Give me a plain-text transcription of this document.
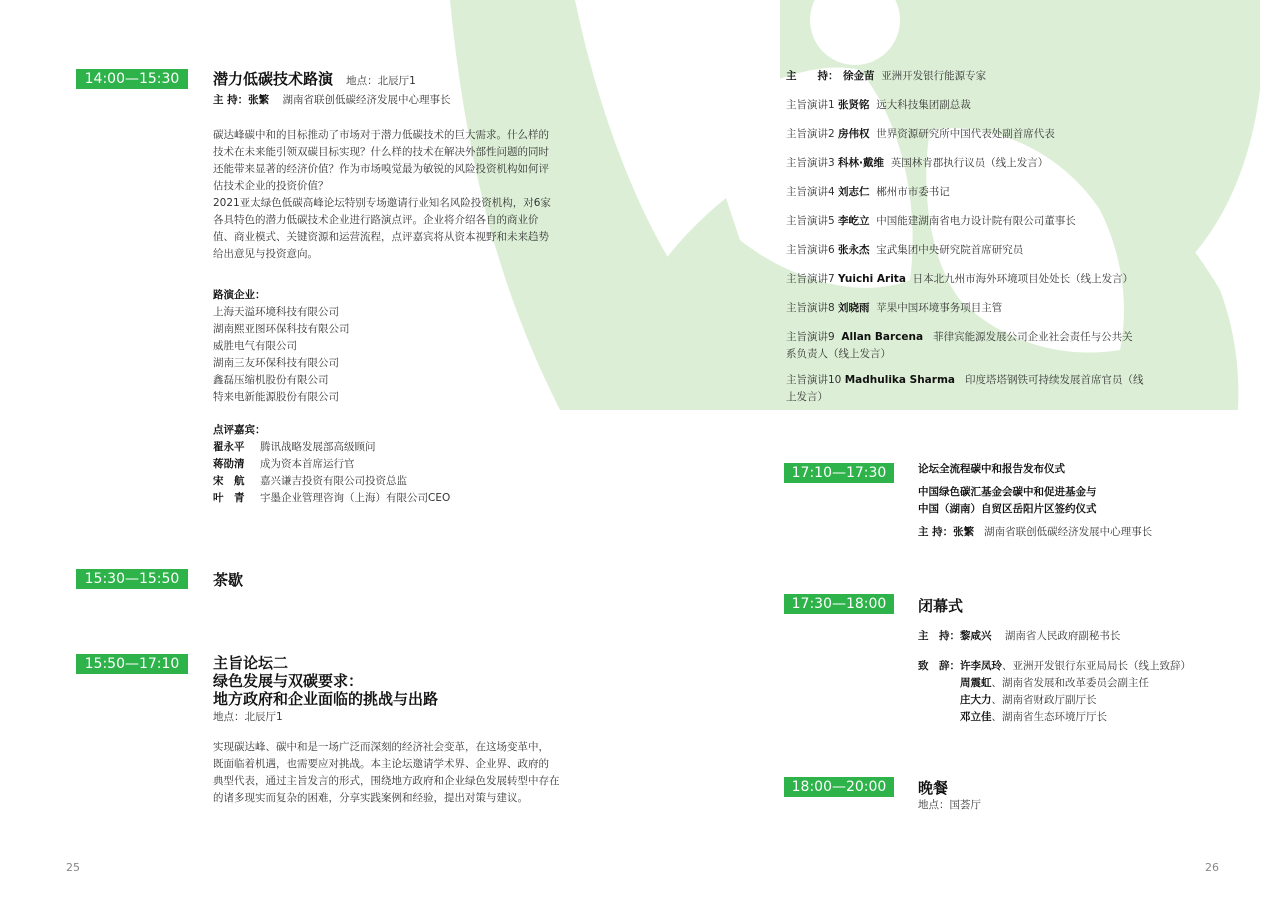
14:00—15:30	潜力低碳技术路演 地点：北辰厅1
主 持：张繁 湖南省联创低碳经济发展中心理事长
碳达峰碳中和的目标推动了市场对于潜力低碳技术的巨大需求。什么样的
技术在未来能引领双碳目标实现？什么样的技术在解决外部性问题的同时
还能带来显著的经济价值？作为市场嗅觉最为敏锐的风险投资机构如何评
估技术企业的投资价值？
2021亚太绿色低碳高峰论坛特别专场邀请行业知名风险投资机构，对6家
各具特色的潜力低碳技术企业进行路演点评。企业将介绍各自的商业价
值、商业模式、关键资源和运营流程，点评嘉宾将从资本视野和未来趋势
给出意见与投资意向。
路演企业：
上海天溢环境科技有限公司
湖南熙亚图环保科技有限公司
威胜电气有限公司
湖南三友环保科技有限公司
鑫磊压缩机股份有限公司
特来电新能源股份有限公司
点评嘉宾：
翟永平 腾讯战略发展部高级顾问
蒋劭清 成为资本首席运行官
宋　航 嘉兴谦吉投资有限公司投资总监
叶　青 宇墨企业管理咨询（上海）有限公司CEO
15:30—15:50	茶歇
15:50—17:10	主旨论坛二
绿色发展与双碳要求：
地方政府和企业面临的挑战与出路
地点：北辰厅1
实现碳达峰、碳中和是一场广泛而深刻的经济社会变革，在这场变革中，
既面临着机遇，也需要应对挑战。本主论坛邀请学术界、企业界、政府的
典型代表，通过主旨发言的形式，围绕地方政府和企业绿色发展转型中存在
的诸多现实而复杂的困难，分享实践案例和经验，提出对策与建议。
25
主　　持： 徐金苗 亚洲开发银行能源专家
主旨演讲1 张贤铭 远大科技集团副总裁
主旨演讲2 房伟权 世界资源研究所中国代表处副首席代表
主旨演讲3 科林·戴维 英国林肯郡执行议员（线上发言）
主旨演讲4 刘志仁 郴州市市委书记
主旨演讲5 李屹立 中国能建湖南省电力设计院有限公司董事长
主旨演讲6 张永杰 宝武集团中央研究院首席研究员
主旨演讲7 Yuichi Arita 日本北九州市海外环境项目处处长（线上发言）
主旨演讲8 刘晓雨 苹果中国环境事务项目主管
主旨演讲9 Allan Barcena 菲律宾能源发展公司企业社会责任与公共关
系负责人（线上发言）
主旨演讲10 Madhulika Sharma 印度塔塔钢铁可持续发展首席官员（线
上发言）
17:10—17:30	论坛全流程碳中和报告发布仪式
中国绿色碳汇基金会碳中和促进基金与
中国（湖南）自贸区岳阳片区签约仪式
主 持：张繁 湖南省联创低碳经济发展中心理事长
17:30—18:00	闭幕式
主　持：黎咸兴 湖南省人民政府副秘书长
致　辞：许李凤玲、亚洲开发银行东亚局局长（线上致辞）
周震虹、湖南省发展和改革委员会副主任
庄大力、湖南省财政厅副厅长
邓立佳、湖南省生态环境厅厅长
18:00—20:00	晚餐
地点：国荟厅
26
